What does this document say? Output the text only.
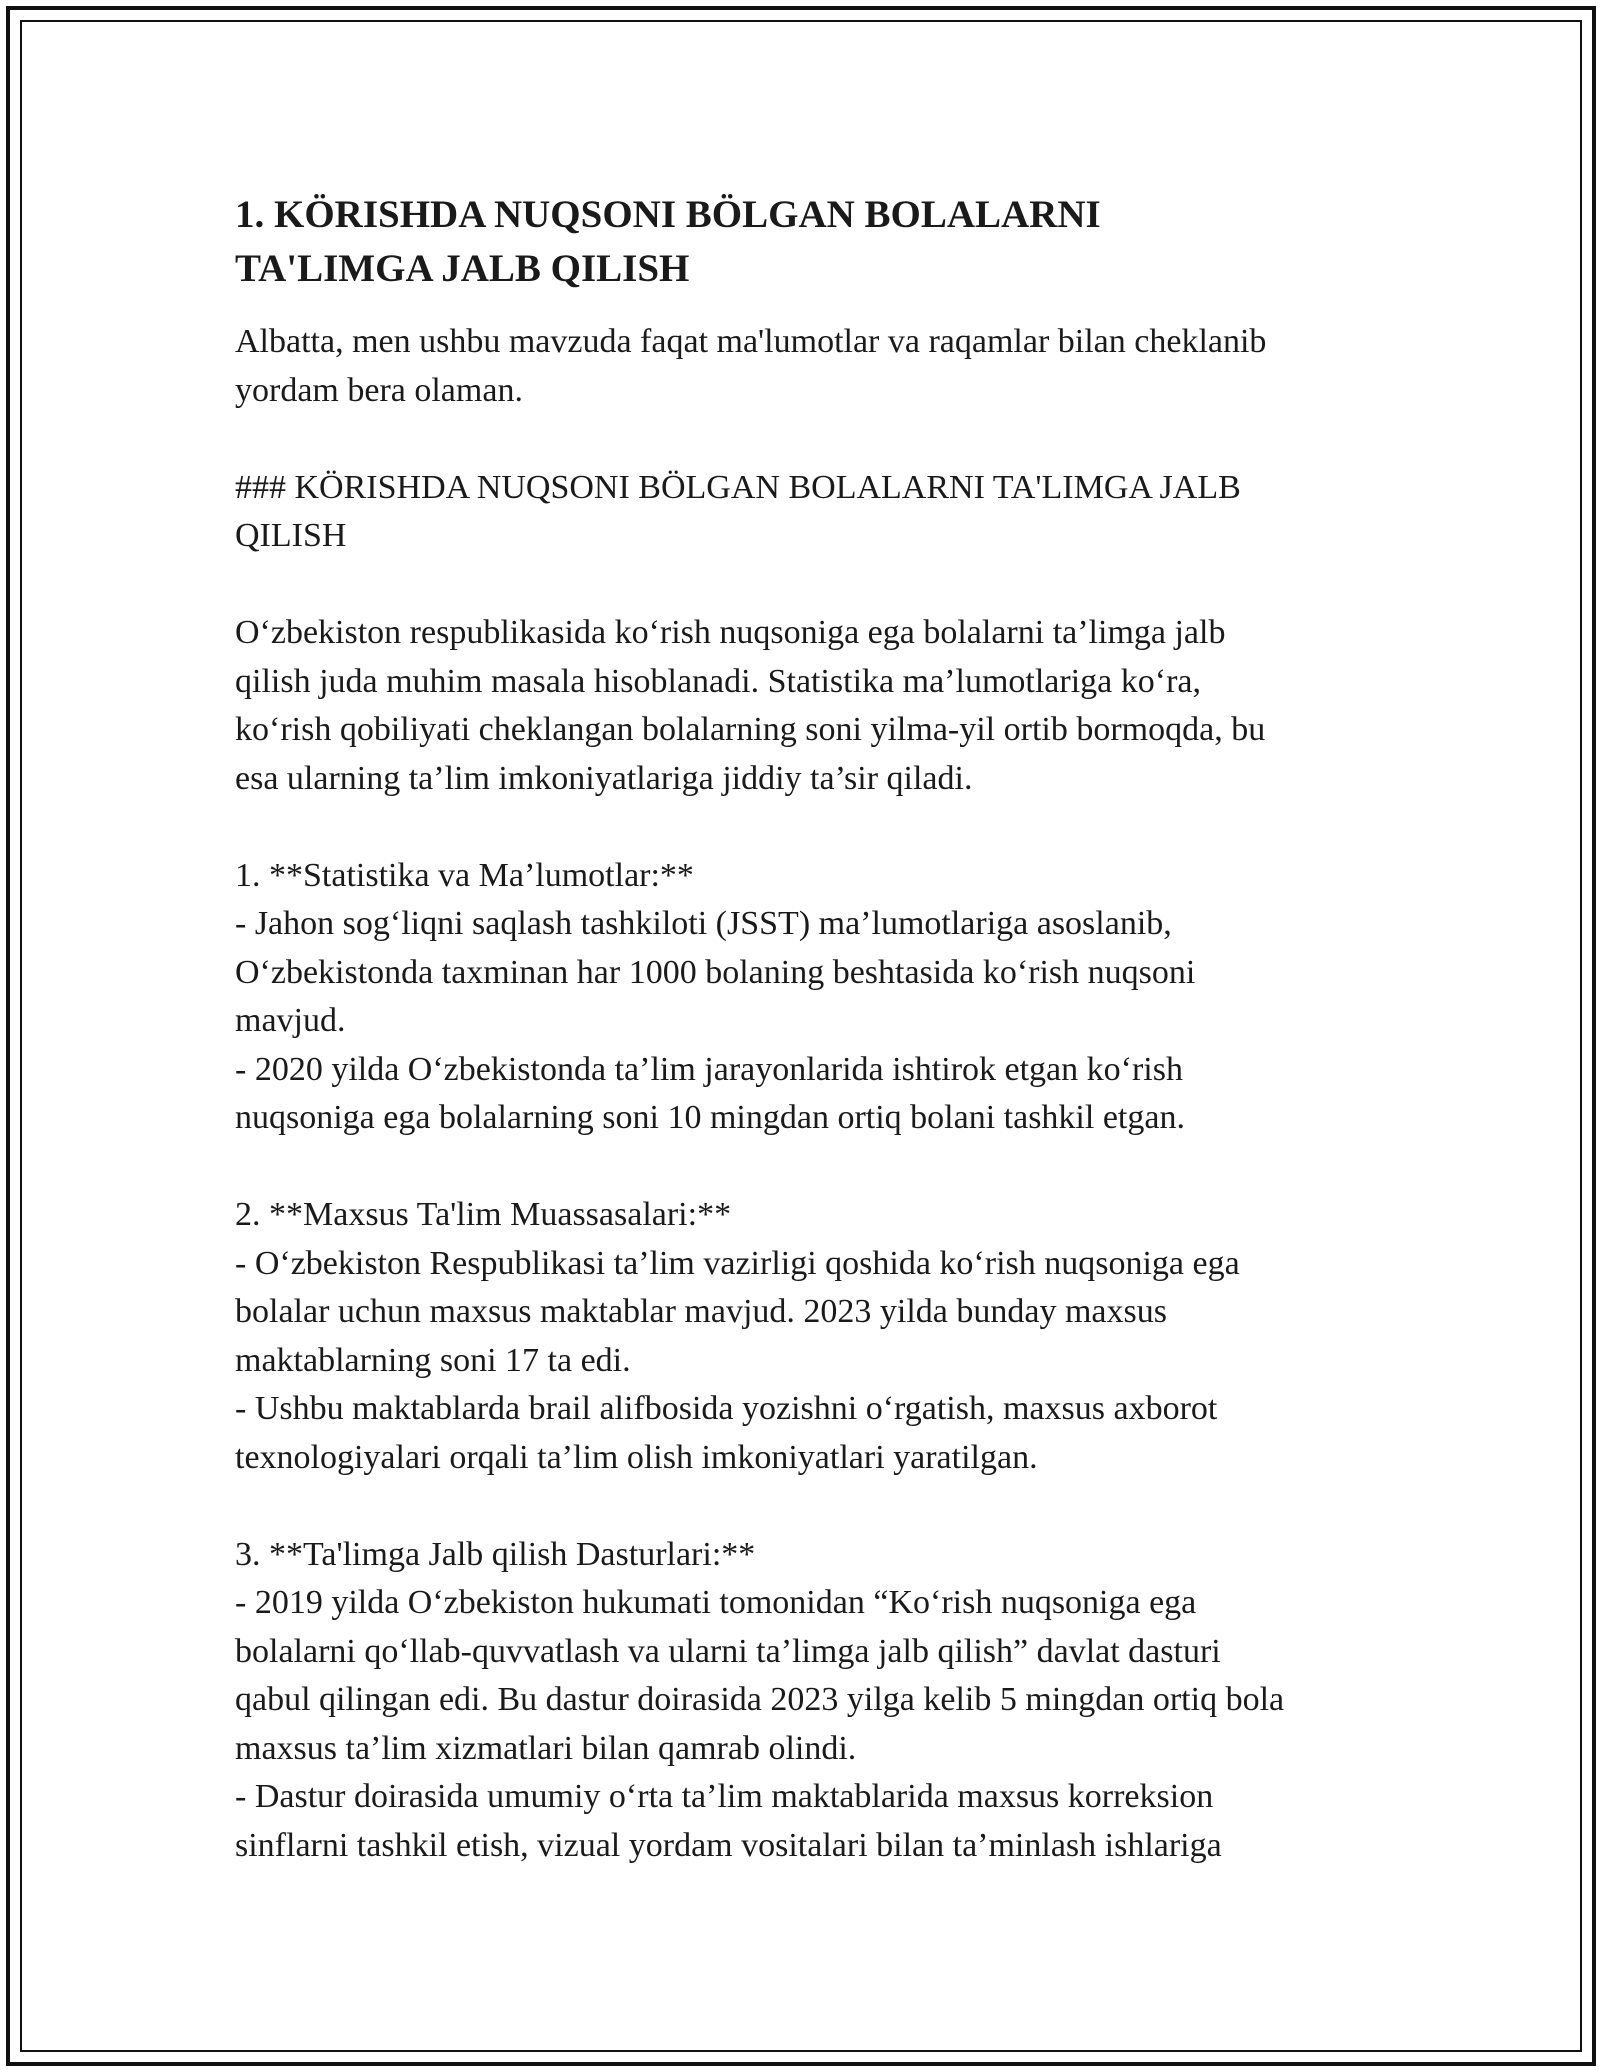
1. KÖRISHDA NUQSONI BÖLGAN BOLALARNI
TA'LIMGA JALB QILISH

Albatta, men ushbu mavzuda faqat ma'lumotlar va raqamlar bilan cheklanib
yordam bera olaman.

### KÖRISHDA NUQSONI BÖLGAN BOLALARNI TA'LIMGA JALB
QILISH

O‘zbekiston respublikasida ko‘rish nuqsoniga ega bolalarni ta’limga jalb
qilish juda muhim masala hisoblanadi. Statistika ma’lumotlariga ko‘ra,
ko‘rish qobiliyati cheklangan bolalarning soni yilma-yil ortib bormoqda, bu
esa ularning ta’lim imkoniyatlariga jiddiy ta’sir qiladi.

1. **Statistika va Ma’lumotlar:**

- Jahon sog‘liqni saqlash tashkiloti (JSST) ma’lumotlariga asoslanib,
O‘zbekistonda taxminan har 1000 bolaning beshtasida ko‘rish nuqsoni
mavjud.

- 2020 yilda O‘zbekistonda ta’lim jarayonlarida ishtirok etgan ko‘rish
nuqsoniga ega bolalarning soni 10 mingdan ortiq bolani tashkil etgan.

2. **Maxsus Ta'lim Muassasalari:**

- O‘zbekiston Respublikasi ta’lim vazirligi qoshida ko‘rish nuqsoniga ega
bolalar uchun maxsus maktablar mavjud. 2023 yilda bunday maxsus
maktablarning soni 17 ta edi.

- Ushbu maktablarda brail alifbosida yozishni o‘rgatish, maxsus axborot
texnologiyalari orqali ta’lim olish imkoniyatlari yaratilgan.

3. **Ta'limga Jalb qilish Dasturlari:**

- 2019 yilda O‘zbekiston hukumati tomonidan “Ko‘rish nuqsoniga ega
bolalarni qo‘llab-quvvatlash va ularni ta’limga jalb qilish” davlat dasturi
qabul qilingan edi. Bu dastur doirasida 2023 yilga kelib 5 mingdan ortiq bola
maxsus ta’lim xizmatlari bilan qamrab olindi.

- Dastur doirasida umumiy o‘rta ta’lim maktablarida maxsus korreksion
sinflarni tashkil etish, vizual yordam vositalari bilan ta’minlash ishlariga
